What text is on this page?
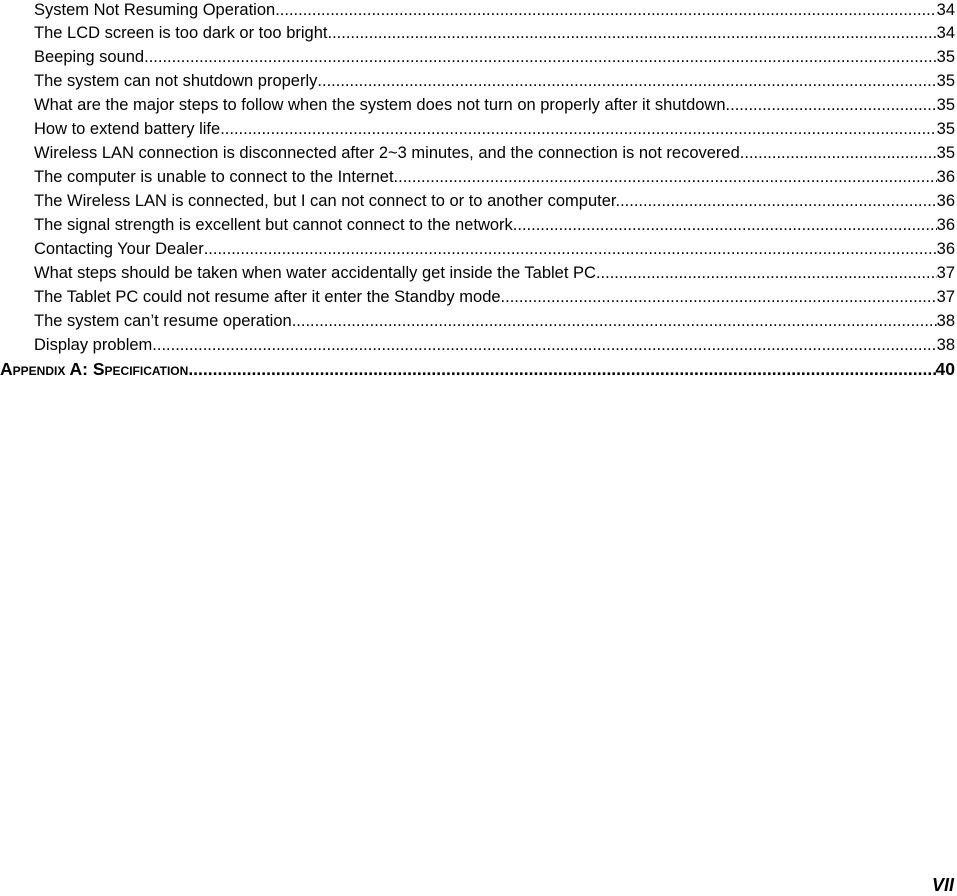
System Not Resuming Operation .....	34
The LCD screen is too dark or too bright .....	34
Beeping sound .....	35
The system can not shutdown properly .....	35
What are the major steps to follow when the system does not turn on properly after it shutdown .....	35
How to extend battery life .....	35
Wireless LAN connection is disconnected after 2~3 minutes, and the connection is not recovered. .....	35
The computer is unable to connect to the Internet. .....	36
The Wireless LAN is connected, but I can not connect to or to another computer. .....	36
The signal strength is excellent but cannot connect to the network .....	36
Contacting Your Dealer .....	36
What steps should be taken when water accidentally get inside the Tablet PC .....	37
The Tablet PC could not resume after it enter the Standby mode .....	37
The system can’t resume operation .....	38
Display problem .....	38
Appendix A: Specification .....	40
VII
